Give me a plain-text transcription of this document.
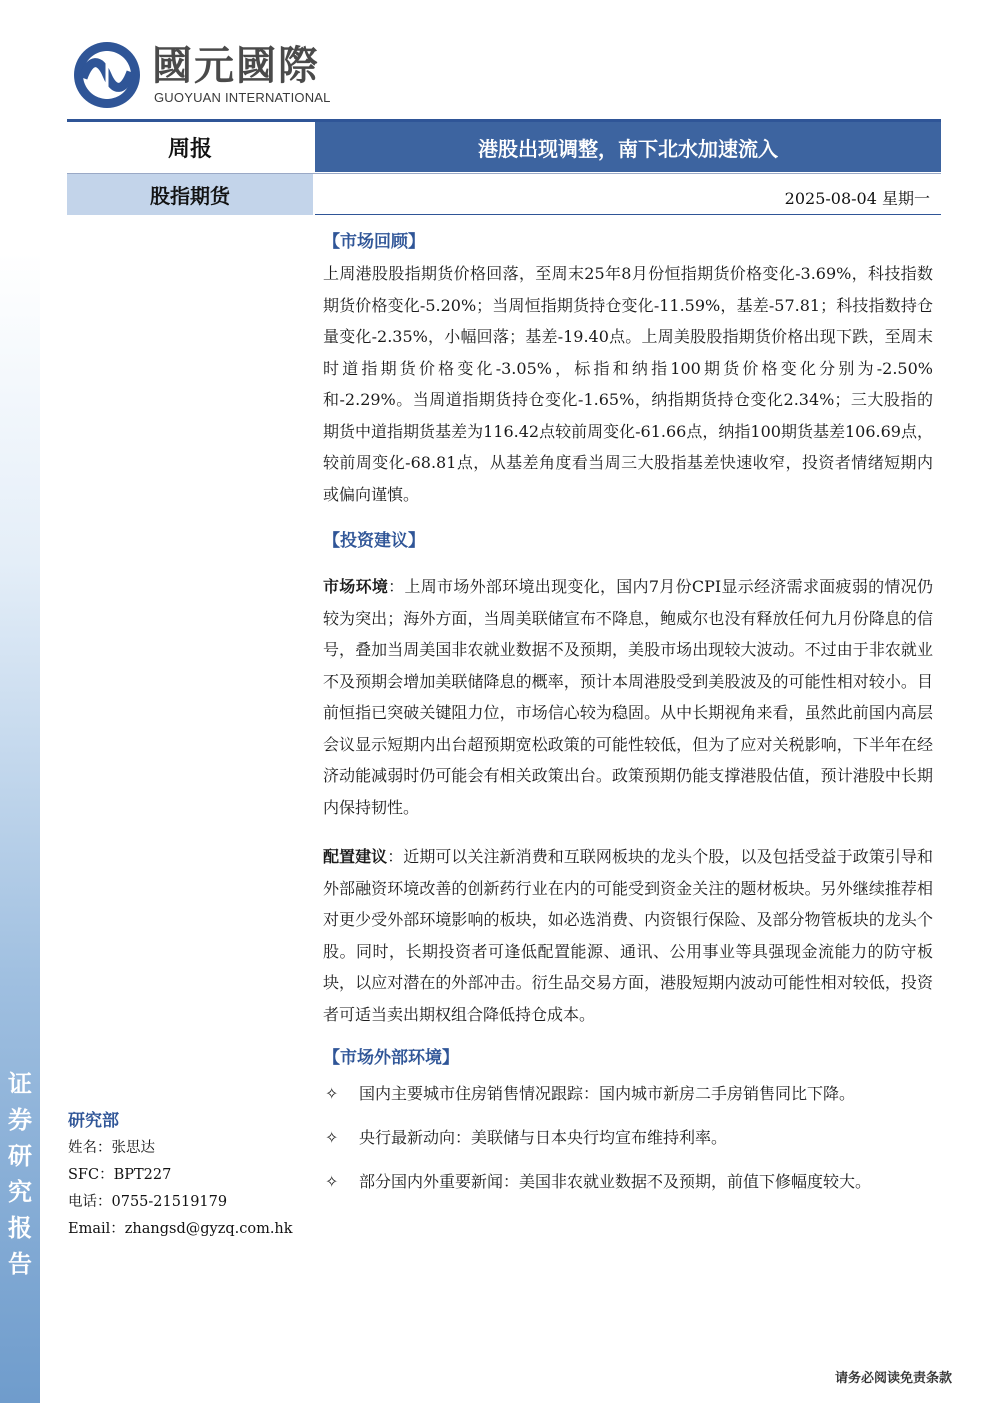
证
券
研
究
报
告
國元國際
GUOYUAN INTERNATIONAL
周报	港股出现调整，南下北水加速流入
股指期货	2025-08-04 星期一

【市场回顾】

上周港股股指期货价格回落，至周末25年8月份恒指期货价格变化-3.69%，科技指数期货价格变化-5.20%；当周恒指期货持仓变化-11.59%，基差-57.81；科技指数持仓量变化-2.35%，小幅回落；基差-19.40点。上周美股股指期货价格出现下跌，至周末时道指期货价格变化-3.05%，标指和纳指100期货价格变化分别为-2.50%和-2.29%。当周道指期货持仓变化-1.65%，纳指期货持仓变化2.34%；三大股指的期货中道指期货基差为116.42点较前周变化-61.66点，纳指100期货基差106.69点，较前周变化-68.81点，从基差角度看当周三大股指基差快速收窄，投资者情绪短期内或偏向谨慎。

【投资建议】

市场环境：上周市场外部环境出现变化，国内7月份CPI显示经济需求面疲弱的情况仍较为突出；海外方面，当周美联储宣布不降息，鲍威尔也没有释放任何九月份降息的信号，叠加当周美国非农就业数据不及预期，美股市场出现较大波动。不过由于非农就业不及预期会增加美联储降息的概率，预计本周港股受到美股波及的可能性相对较小。目前恒指已突破关键阻力位，市场信心较为稳固。从中长期视角来看，虽然此前国内高层会议显示短期内出台超预期宽松政策的可能性较低，但为了应对关税影响，下半年在经济动能减弱时仍可能会有相关政策出台。政策预期仍能支撑港股估值，预计港股中长期内保持韧性。

配置建议：近期可以关注新消费和互联网板块的龙头个股，以及包括受益于政策引导和外部融资环境改善的创新药行业在内的可能受到资金关注的题材板块。另外继续推荐相对更少受外部环境影响的板块，如必选消费、内资银行保险、及部分物管板块的龙头个股。同时，长期投资者可逢低配置能源、通讯、公用事业等具强现金流能力的防守板块，以应对潜在的外部冲击。衍生品交易方面，港股短期内波动可能性相对较低，投资者可适当卖出期权组合降低持仓成本。

【市场外部环境】

✧ 国内主要城市住房销售情况跟踪：国内城市新房二手房销售同比下降。
✧ 央行最新动向：美联储与日本央行均宣布维持利率。
✧ 部分国内外重要新闻：美国非农就业数据不及预期，前值下修幅度较大。
研究部
姓名：张思达
SFC：BPT227
电话：0755-21519179
Email：zhangsd@gyzq.com.hk
请务必阅读免责条款
